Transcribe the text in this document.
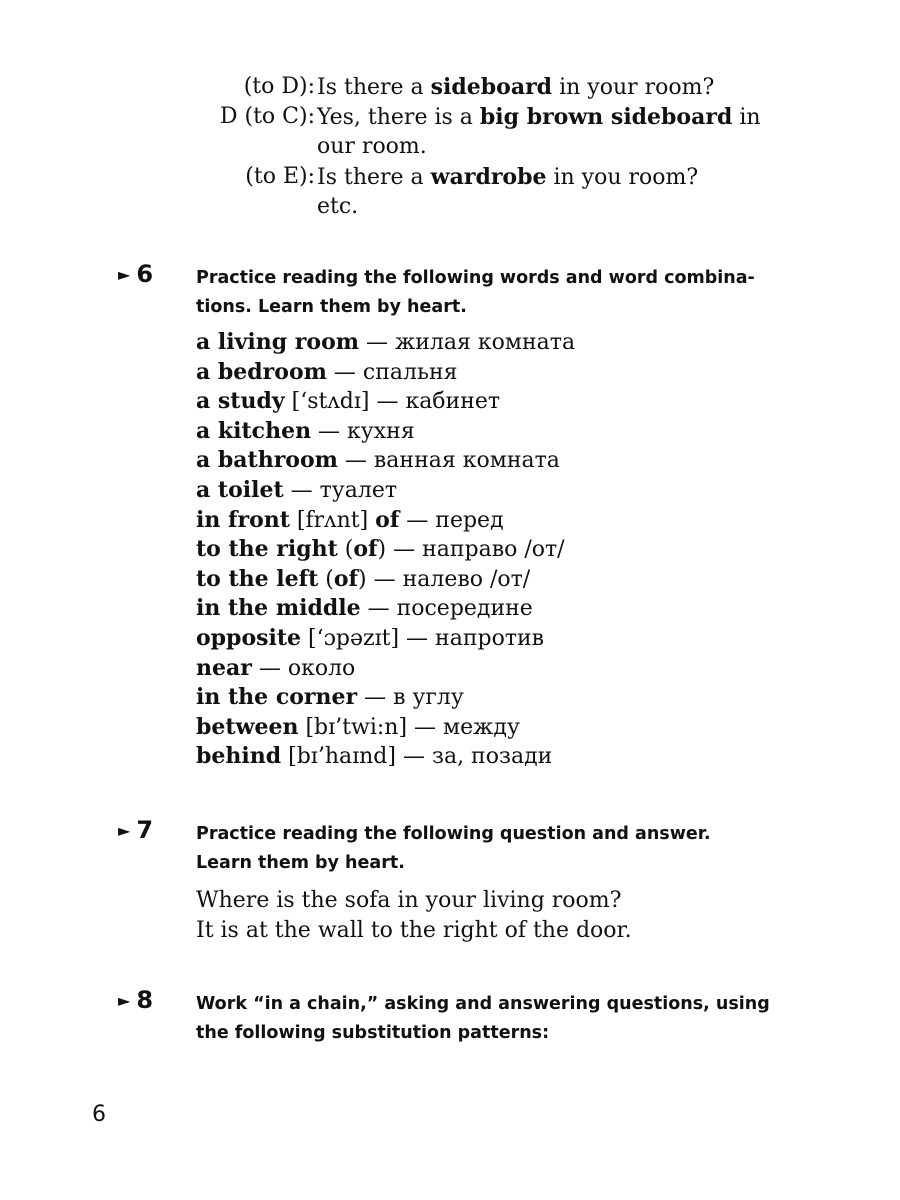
(to D): Is there a sideboard in your room?
D (to C): Yes, there is a big brown sideboard in
our room.
(to E): Is there a wardrobe in you room?
etc.
► 6 Practice reading the following words and word combina-
tions. Learn them by heart.
a living room — жилая комната
a bedroom — спальня
a study [‘stʌdɪ] — кабинет
a kitchen — кухня
a bathroom — ванная комната
a toilet — туалет
in front [frʌnt] of — перед
to the right (of) — направо /от/
to the left (of) — налево /от/
in the middle — посередине
opposite [‘ɔpəzɪt] — напротив
near — около
in the corner — в углу
between [bɪ’twi:n] — между
behind [bɪ’haɪnd] — за, позади
► 7 Practice reading the following question and answer.
Learn them by heart.
Where is the sofa in your living room?
It is at the wall to the right of the door.
► 8 Work “in a chain,” asking and answering questions, using
the following substitution patterns:
6
